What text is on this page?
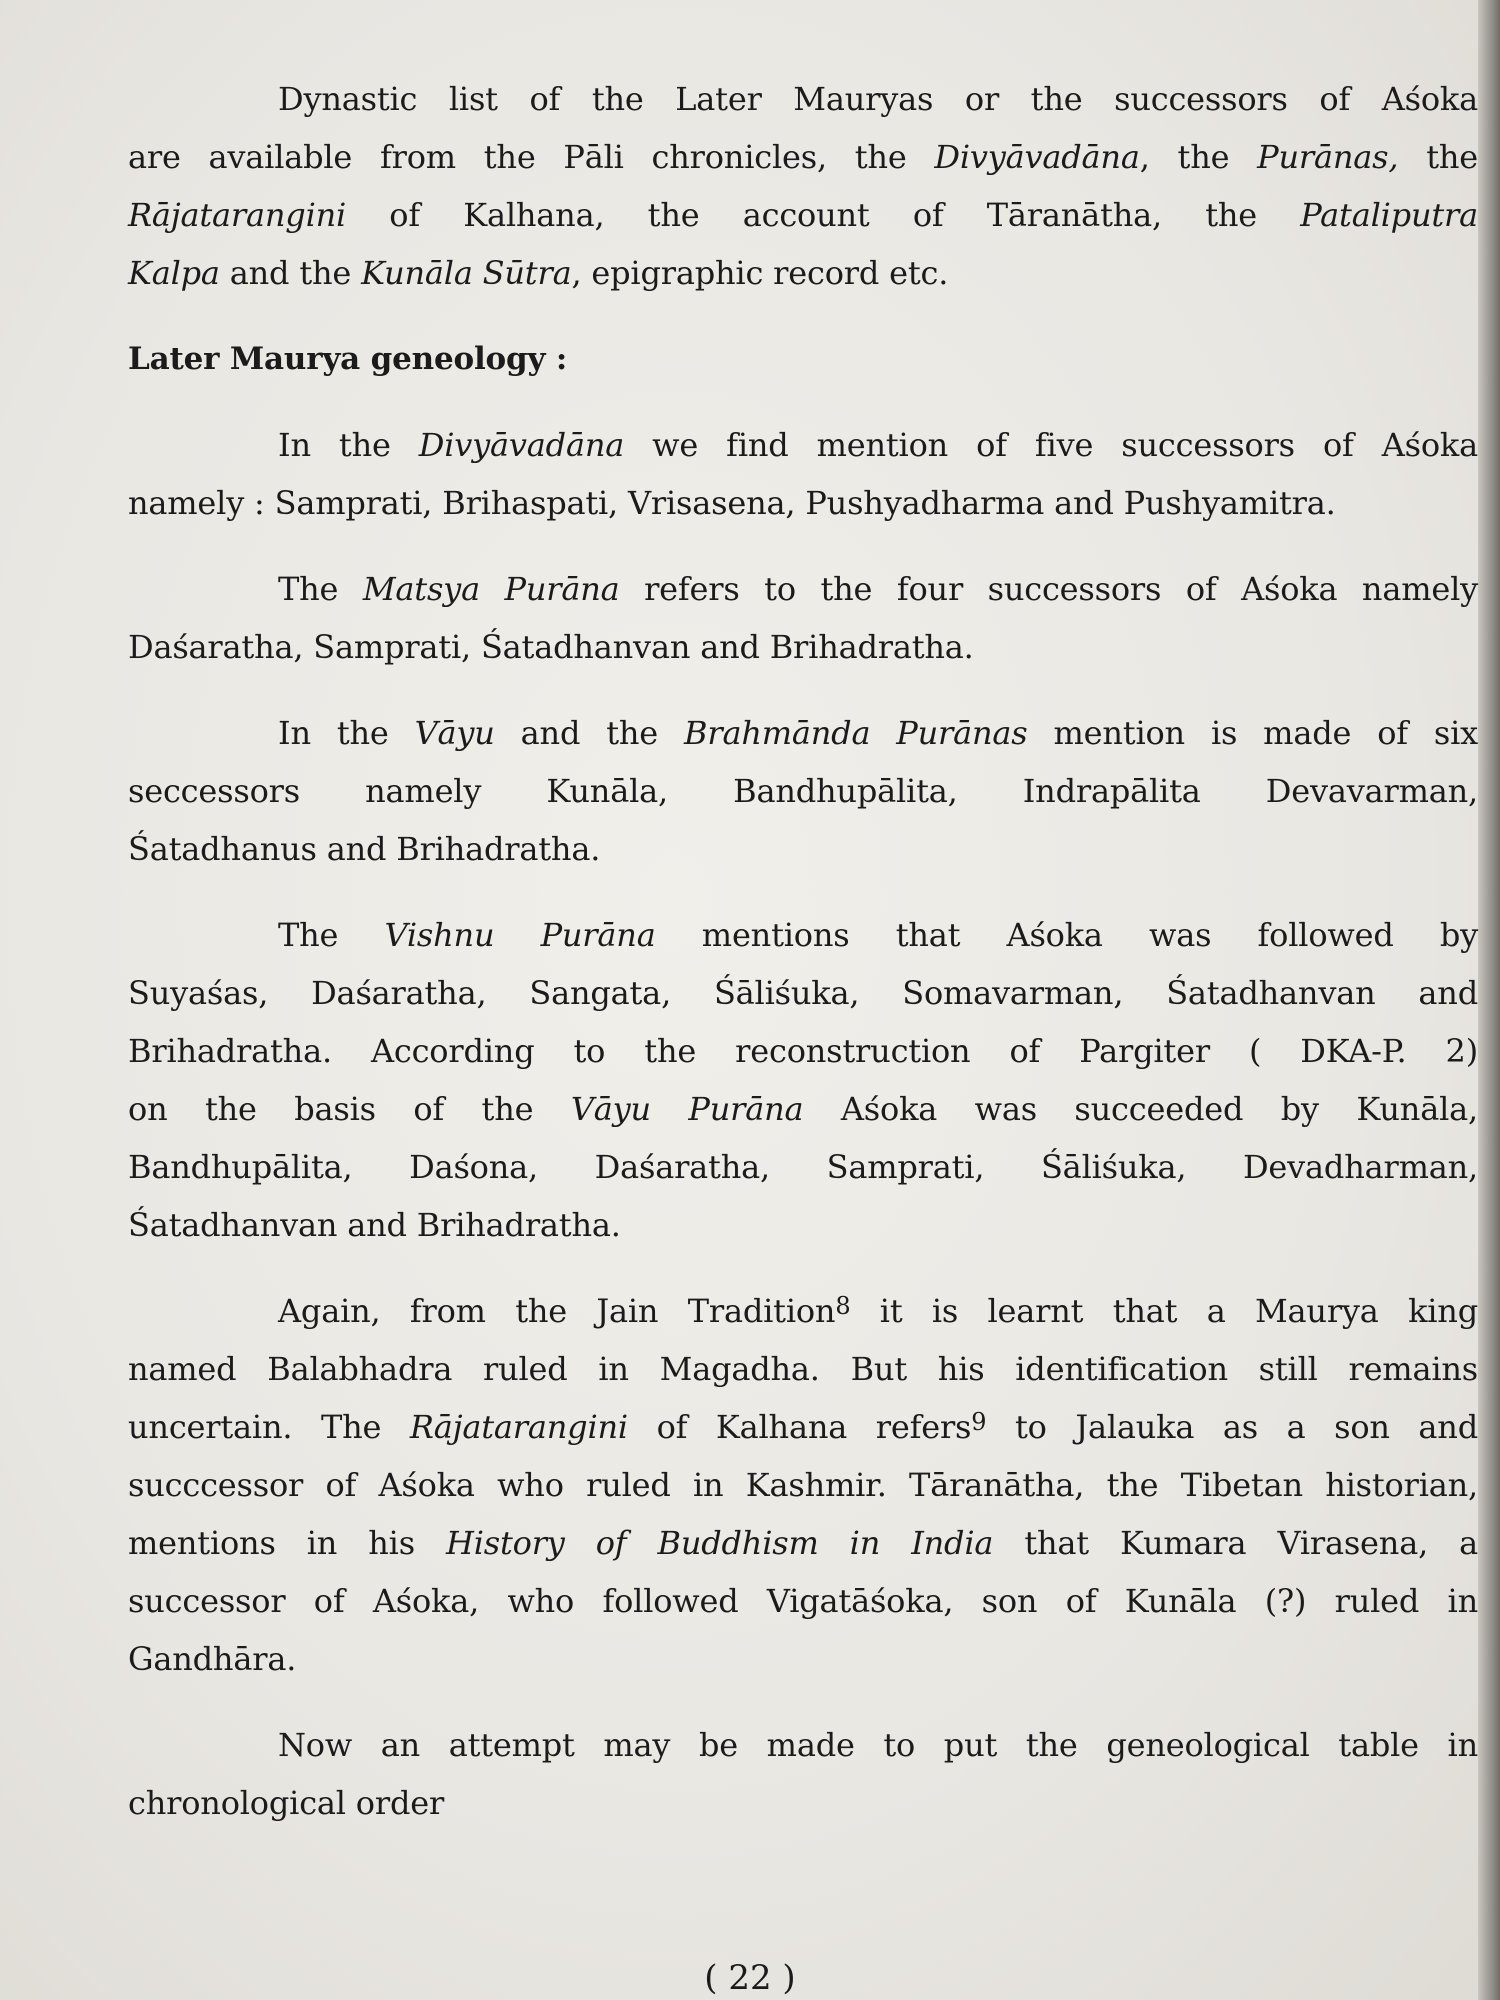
Dynastic list of the Later Mauryas or the successors of Aśoka
are available from the Pāli chronicles, the Divyāvadāna, the Purānas, the
Rājatarangini of Kalhana, the account of Tāranātha, the Pataliputra
Kalpa and the Kunāla Sūtra, epigraphic record etc.

Later Maurya geneology :

In the Divyāvadāna we find mention of five successors of Aśoka
namely : Samprati, Brihaspati, Vrisasena, Pushyadharma and Pushyamitra.

The Matsya Purāna refers to the four successors of Aśoka namely
Daśaratha, Samprati, Śatadhanvan and Brihadratha.

In the Vāyu and the Brahmānda Purānas mention is made of six
seccessors namely Kunāla, Bandhupālita, Indrapālita Devavarman,
Śatadhanus and Brihadratha.

The Vishnu Purāna mentions that Aśoka was followed by
Suyaśas, Daśaratha, Sangata, Śāliśuka, Somavarman, Śatadhanvan and
Brihadratha. According to the reconstruction of Pargiter ( DKA-P. 2)
on the basis of the Vāyu Purāna Aśoka was succeeded by Kunāla,
Bandhupālita, Daśona, Daśaratha, Samprati, Śāliśuka, Devadharman,
Śatadhanvan and Brihadratha.

Again, from the Jain Tradition$^8$ it is learnt that a Maurya king
named Balabhadra ruled in Magadha. But his identification still remains
uncertain. The Rājatarangini of Kalhana refers$^9$ to Jalauka as a son and
succcessor of Aśoka who ruled in Kashmir. Tāranātha, the Tibetan historian,
mentions in his History of Buddhism in India that Kumara Virasena, a
successor of Aśoka, who followed Vigatāśoka, son of Kunāla (?) ruled in
Gandhāra.

Now an attempt may be made to put the geneological table in
chronological order

( 22 )
